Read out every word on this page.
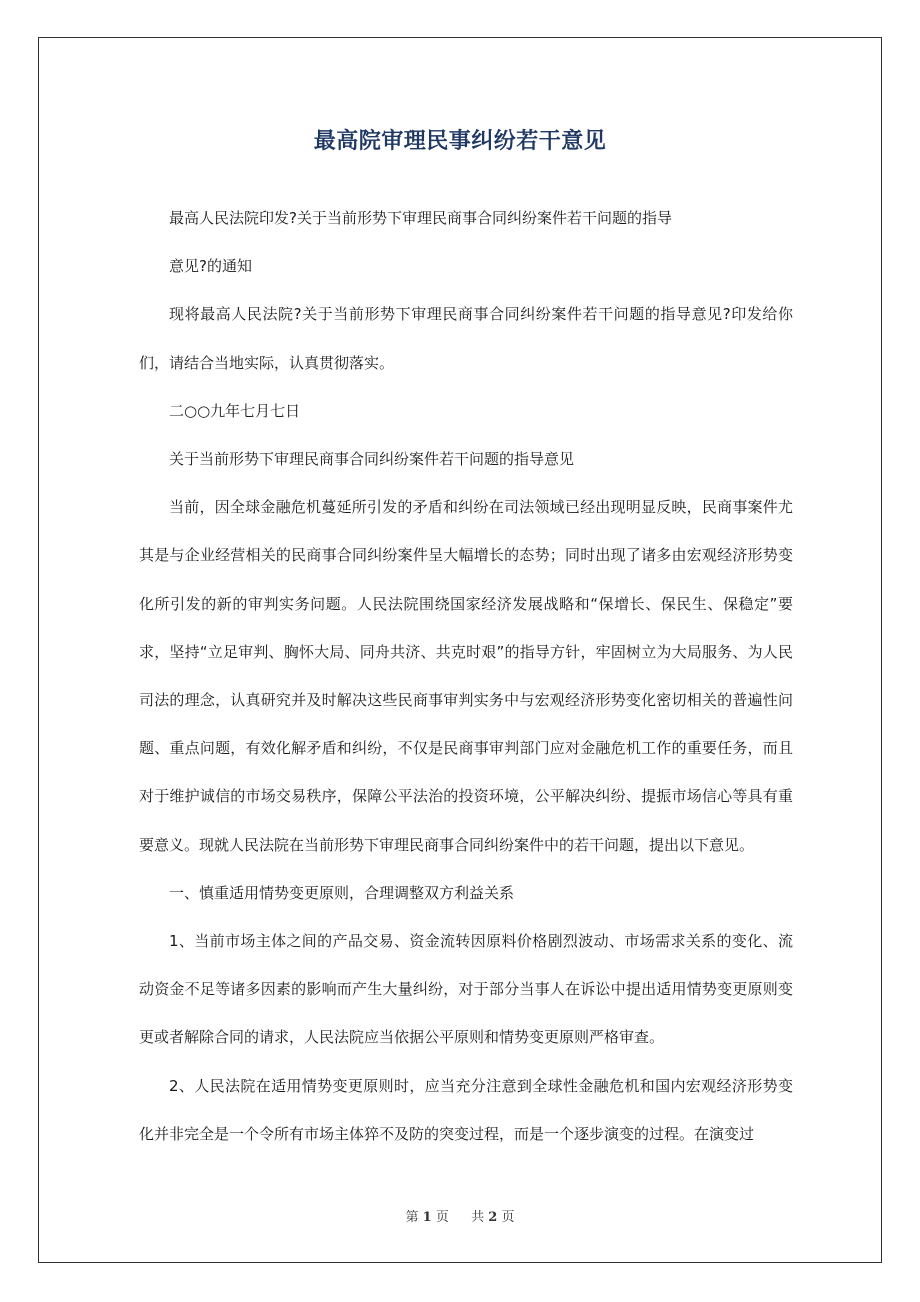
最高院审理民事纠纷若干意见

最高人民法院印发?关于当前形势下审理民商事合同纠纷案件若干问题的指导

意见?的通知

现将最高人民法院?关于当前形势下审理民商事合同纠纷案件若干问题的指导意见?印发给你们，请结合当地实际，认真贯彻落实。

二○○九年七月七日

关于当前形势下审理民商事合同纠纷案件若干问题的指导意见

当前，因全球金融危机蔓延所引发的矛盾和纠纷在司法领域已经出现明显反映，民商事案件尤其是与企业经营相关的民商事合同纠纷案件呈大幅增长的态势；同时出现了诸多由宏观经济形势变化所引发的新的审判实务问题。人民法院围绕国家经济发展战略和“保增长、保民生、保稳定”要求，坚持“立足审判、胸怀大局、同舟共济、共克时艰”的指导方针，牢固树立为大局服务、为人民司法的理念，认真研究并及时解决这些民商事审判实务中与宏观经济形势变化密切相关的普遍性问题、重点问题，有效化解矛盾和纠纷，不仅是民商事审判部门应对金融危机工作的重要任务，而且对于维护诚信的市场交易秩序，保障公平法治的投资环境，公平解决纠纷、提振市场信心等具有重要意义。现就人民法院在当前形势下审理民商事合同纠纷案件中的若干问题，提出以下意见。

一、慎重适用情势变更原则，合理调整双方利益关系

1、当前市场主体之间的产品交易、资金流转因原料价格剧烈波动、市场需求关系的变化、流动资金不足等诸多因素的影响而产生大量纠纷，对于部分当事人在诉讼中提出适用情势变更原则变更或者解除合同的请求，人民法院应当依据公平原则和情势变更原则严格审查。

2、人民法院在适用情势变更原则时，应当充分注意到全球性金融危机和国内宏观经济形势变化并非完全是一个令所有市场主体猝不及防的突变过程，而是一个逐步演变的过程。在演变过

第 1 页 共 2 页
